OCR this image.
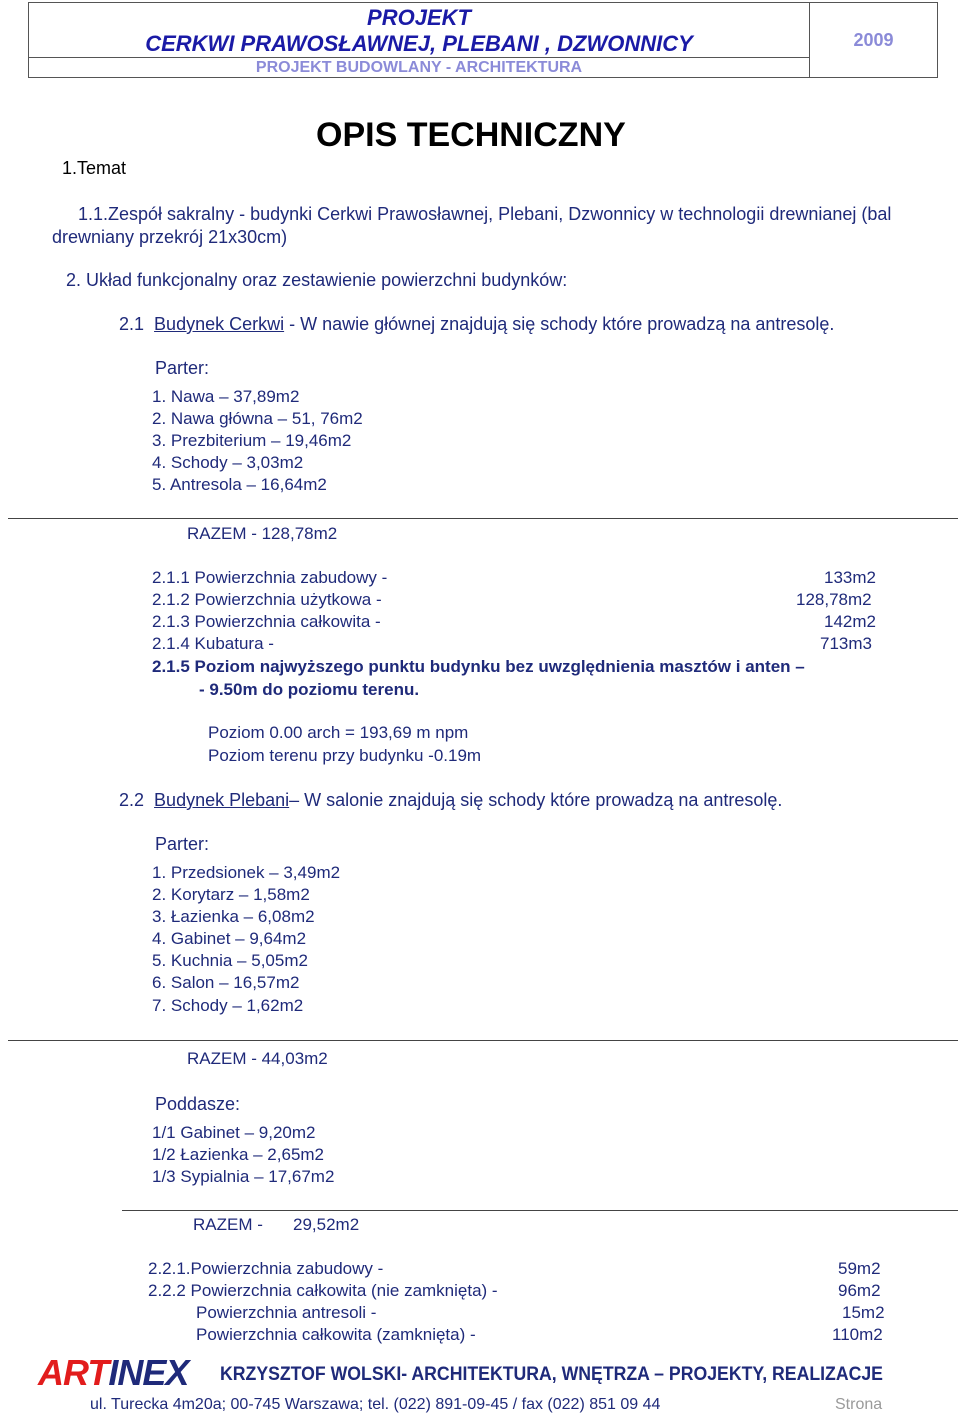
PROJEKT
CERKWI PRAWOSŁAWNEJ, PLEBANI , DZWONNICY
PROJEKT BUDOWLANY - ARCHITEKTURA
2009
OPIS TECHNICZNY
1.Temat
1.1.Zespół sakralny - budynki Cerkwi Prawosławnej, Plebani, Dzwonnicy w technologii drewnianej (bal
drewniany przekrój 21x30cm)
2. Układ funkcjonalny oraz zestawienie powierzchni budynków:
2.1 Budynek Cerkwi - W nawie głównej znajdują się schody które prowadzą na antresolę.
Parter:
1. Nawa – 37,89m2
2. Nawa główna – 51, 76m2
3. Prezbiterium – 19,46m2
4. Schody – 3,03m2
5. Antresola – 16,64m2
RAZEM - 128,78m2
2.1.1 Powierzchnia zabudowy -	133m2
2.1.2 Powierzchnia użytkowa -	128,78m2
2.1.3 Powierzchnia całkowita -	142m2
2.1.4 Kubatura -	713m3
2.1.5 Poziom najwyższego punktu budynku bez uwzględnienia masztów i anten –
- 9.50m do poziomu terenu.
Poziom 0.00 arch = 193,69 m npm
Poziom terenu przy budynku -0.19m
2.2 Budynek Plebani– W salonie znajdują się schody które prowadzą na antresolę.
Parter:
1. Przedsionek – 3,49m2
2. Korytarz – 1,58m2
3. Łazienka – 6,08m2
4. Gabinet – 9,64m2
5. Kuchnia – 5,05m2
6. Salon – 16,57m2
7. Schody – 1,62m2
RAZEM - 44,03m2
Poddasze:
1/1 Gabinet – 9,20m2
1/2 Łazienka – 2,65m2
1/3 Sypialnia – 17,67m2
RAZEM - 29,52m2
2.2.1.Powierzchnia zabudowy -	59m2
2.2.2 Powierzchnia całkowita (nie zamknięta) -	96m2
Powierzchnia antresoli -	15m2
Powierzchnia całkowita (zamknięta) -	110m2
ARTINEX KRZYSZTOF WOLSKI- ARCHITEKTURA, WNĘTRZA – PROJEKTY, REALIZACJE
ul. Turecka 4m20a; 00-745 Warszawa; tel. (022) 891-09-45 / fax (022) 851 09 44	Strona
